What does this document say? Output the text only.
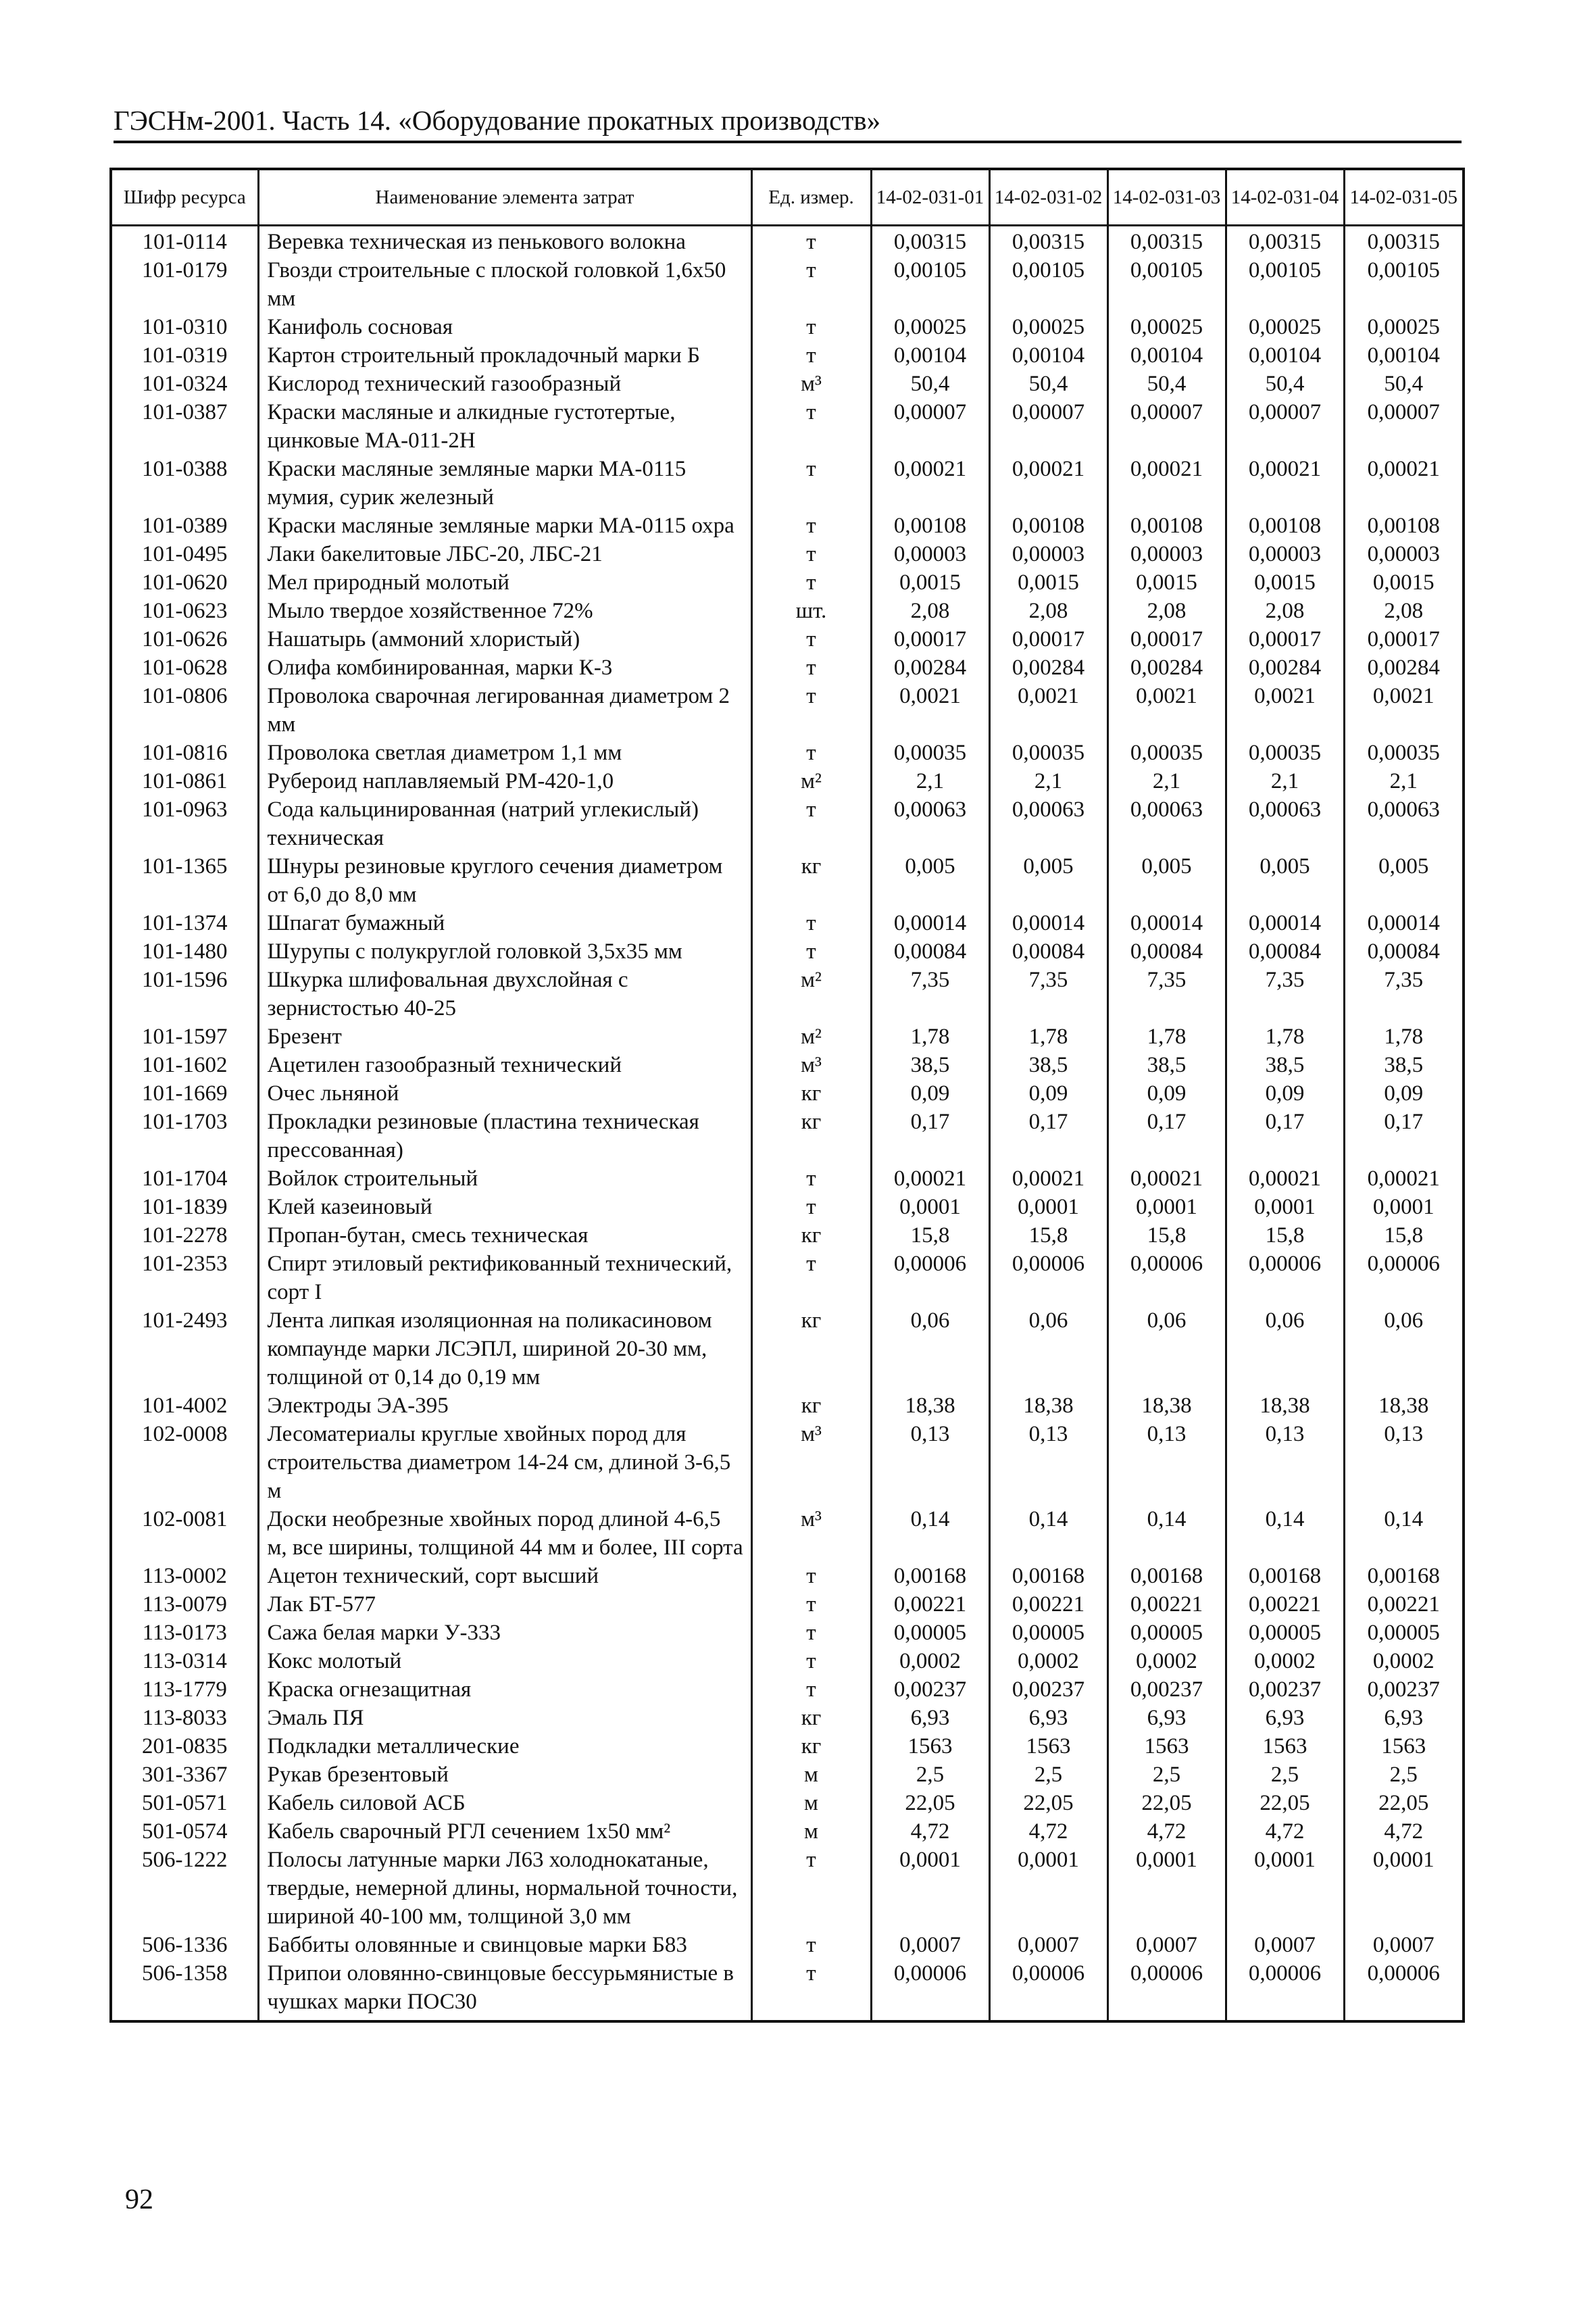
ГЭСНм-2001. Часть 14. «Оборудование прокатных производств»
Шифр ресурса	Наименование элемента затрат	Ед. измер.	14-02-031-01	14-02-031-02	14-02-031-03	14-02-031-04	14-02-031-05
101-0114	Веревка техническая из пенькового волокна	т	0,00315	0,00315	0,00315	0,00315	0,00315
101-0179	Гвозди строительные с плоской головкой 1,6x50 мм	т	0,00105	0,00105	0,00105	0,00105	0,00105
101-0310	Канифоль сосновая	т	0,00025	0,00025	0,00025	0,00025	0,00025
101-0319	Картон строительный прокладочный марки Б	т	0,00104	0,00104	0,00104	0,00104	0,00104
101-0324	Кислород технический газообразный	м³	50,4	50,4	50,4	50,4	50,4
101-0387	Краски масляные и алкидные густотертые, цинковые МА-011-2Н	т	0,00007	0,00007	0,00007	0,00007	0,00007
101-0388	Краски масляные земляные марки МА-0115 мумия, сурик железный	т	0,00021	0,00021	0,00021	0,00021	0,00021
101-0389	Краски масляные земляные марки МА-0115 охра	т	0,00108	0,00108	0,00108	0,00108	0,00108
101-0495	Лаки бакелитовые ЛБС-20, ЛБС-21	т	0,00003	0,00003	0,00003	0,00003	0,00003
101-0620	Мел природный молотый	т	0,0015	0,0015	0,0015	0,0015	0,0015
101-0623	Мыло твердое хозяйственное 72%	шт.	2,08	2,08	2,08	2,08	2,08
101-0626	Нашатырь (аммоний хлористый)	т	0,00017	0,00017	0,00017	0,00017	0,00017
101-0628	Олифа комбинированная, марки К-3	т	0,00284	0,00284	0,00284	0,00284	0,00284
101-0806	Проволока сварочная легированная диаметром 2 мм	т	0,0021	0,0021	0,0021	0,0021	0,0021
101-0816	Проволока светлая диаметром 1,1 мм	т	0,00035	0,00035	0,00035	0,00035	0,00035
101-0861	Рубероид наплавляемый РМ-420-1,0	м²	2,1	2,1	2,1	2,1	2,1
101-0963	Сода кальцинированная (натрий углекислый) техническая	т	0,00063	0,00063	0,00063	0,00063	0,00063
101-1365	Шнуры резиновые круглого сечения диаметром от 6,0 до 8,0 мм	кг	0,005	0,005	0,005	0,005	0,005
101-1374	Шпагат бумажный	т	0,00014	0,00014	0,00014	0,00014	0,00014
101-1480	Шурупы с полукруглой головкой 3,5x35 мм	т	0,00084	0,00084	0,00084	0,00084	0,00084
101-1596	Шкурка шлифовальная двухслойная с зернистостью 40-25	м²	7,35	7,35	7,35	7,35	7,35
101-1597	Брезент	м²	1,78	1,78	1,78	1,78	1,78
101-1602	Ацетилен газообразный технический	м³	38,5	38,5	38,5	38,5	38,5
101-1669	Очес льняной	кг	0,09	0,09	0,09	0,09	0,09
101-1703	Прокладки резиновые (пластина техническая прессованная)	кг	0,17	0,17	0,17	0,17	0,17
101-1704	Войлок строительный	т	0,00021	0,00021	0,00021	0,00021	0,00021
101-1839	Клей казеиновый	т	0,0001	0,0001	0,0001	0,0001	0,0001
101-2278	Пропан-бутан, смесь техническая	кг	15,8	15,8	15,8	15,8	15,8
101-2353	Спирт этиловый ректификованный технический, сорт I	т	0,00006	0,00006	0,00006	0,00006	0,00006
101-2493	Лента липкая изоляционная на поликасиновом компаунде марки ЛСЭПЛ, шириной 20-30 мм, толщиной от 0,14 до 0,19 мм	кг	0,06	0,06	0,06	0,06	0,06
101-4002	Электроды ЭА-395	кг	18,38	18,38	18,38	18,38	18,38
102-0008	Лесоматериалы круглые хвойных пород для строительства диаметром 14-24 см, длиной 3-6,5 м	м³	0,13	0,13	0,13	0,13	0,13
102-0081	Доски необрезные хвойных пород длиной 4-6,5 м, все ширины, толщиной 44 мм и более, III сорта	м³	0,14	0,14	0,14	0,14	0,14
113-0002	Ацетон технический, сорт высший	т	0,00168	0,00168	0,00168	0,00168	0,00168
113-0079	Лак БТ-577	т	0,00221	0,00221	0,00221	0,00221	0,00221
113-0173	Сажа белая марки У-333	т	0,00005	0,00005	0,00005	0,00005	0,00005
113-0314	Кокс молотый	т	0,0002	0,0002	0,0002	0,0002	0,0002
113-1779	Краска огнезащитная	т	0,00237	0,00237	0,00237	0,00237	0,00237
113-8033	Эмаль ПЯ	кг	6,93	6,93	6,93	6,93	6,93
201-0835	Подкладки металлические	кг	1563	1563	1563	1563	1563
301-3367	Рукав брезентовый	м	2,5	2,5	2,5	2,5	2,5
501-0571	Кабель силовой АСБ	м	22,05	22,05	22,05	22,05	22,05
501-0574	Кабель сварочный РГЛ сечением 1x50 мм²	м	4,72	4,72	4,72	4,72	4,72
506-1222	Полосы латунные марки Л63 холоднокатаные, твердые, немерной длины, нормальной точности, шириной 40-100 мм, толщиной 3,0 мм	т	0,0001	0,0001	0,0001	0,0001	0,0001
506-1336	Баббиты оловянные и свинцовые марки Б83	т	0,0007	0,0007	0,0007	0,0007	0,0007
506-1358	Припои оловянно-свинцовые бессурьмянистые в чушках марки ПОС30	т	0,00006	0,00006	0,00006	0,00006	0,00006
92
